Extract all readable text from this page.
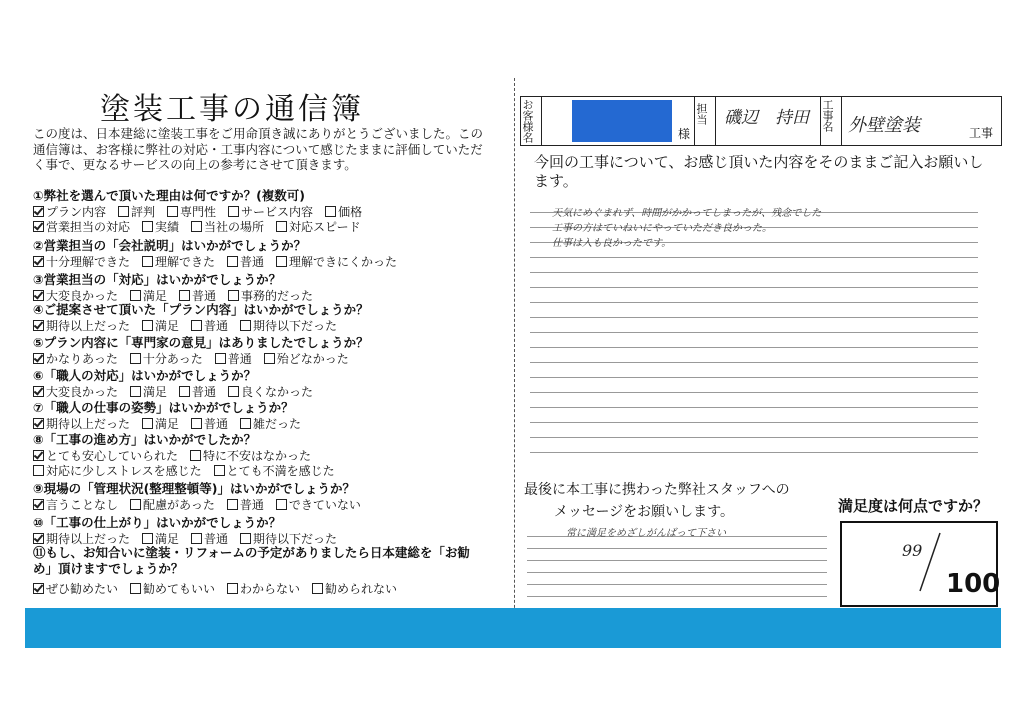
塗装工事の通信簿
この度は、日本建総に塗装工事をご用命頂き誠にありがとうございました。この通信簿は、お客様に弊社の対応・工事内容について感じたままに評価していただく事で、更なるサービスの向上の参考にさせて頂きます。
①弊社を選んで頂いた理由は何ですか？(複数可)
プラン内容 評判 専門性 サービス内容 価格
営業担当の対応 実績 当社の場所 対応スピード
②営業担当の「会社説明」はいかがでしょうか？
十分理解できた 理解できた 普通 理解できにくかった
③営業担当の「対応」はいかがでしょうか？
大変良かった 満足 普通 事務的だった
④ご提案させて頂いた「プラン内容」はいかがでしょうか？
期待以上だった 満足 普通 期待以下だった
⑤プラン内容に「専門家の意見」はありましたでしょうか？
かなりあった 十分あった 普通 殆どなかった
⑥「職人の対応」はいかがでしょうか？
大変良かった 満足 普通 良くなかった
⑦「職人の仕事の姿勢」はいかがでしょうか？
期待以上だった 満足 普通 雑だった
⑧「工事の進め方」はいかがでしたか？
とても安心していられた 特に不安はなかった
対応に少しストレスを感じた とても不満を感じた
⑨現場の「管理状況(整理整頓等)」はいかがでしょうか？
言うことなし 配慮があった 普通 できていない
⑩「工事の仕上がり」はいかがでしょうか？
期待以上だった 満足 普通 期待以下だった
⑪もし、お知合いに塗装・リフォームの予定がありましたら日本建総を「お勧め」頂けますでしょうか？
ぜひ勧めたい 勧めてもいい わからない 勧められない
お客様名	様
担当 磯辺　持田 工事名 外壁塗装	工事
今回の工事について、お感じ頂いた内容をそのままご記入お願いします。
天気にめぐまれず、時間がかかってしまったが、残念でした
工事の方はていねいにやっていただき良かった。
仕事は入も良かったです。
最後に本工事に携わった弊社スタッフへの
メッセージをお願いします。
常に満足をめざしがんばって下さい
満足度は何点ですか？
99
100
